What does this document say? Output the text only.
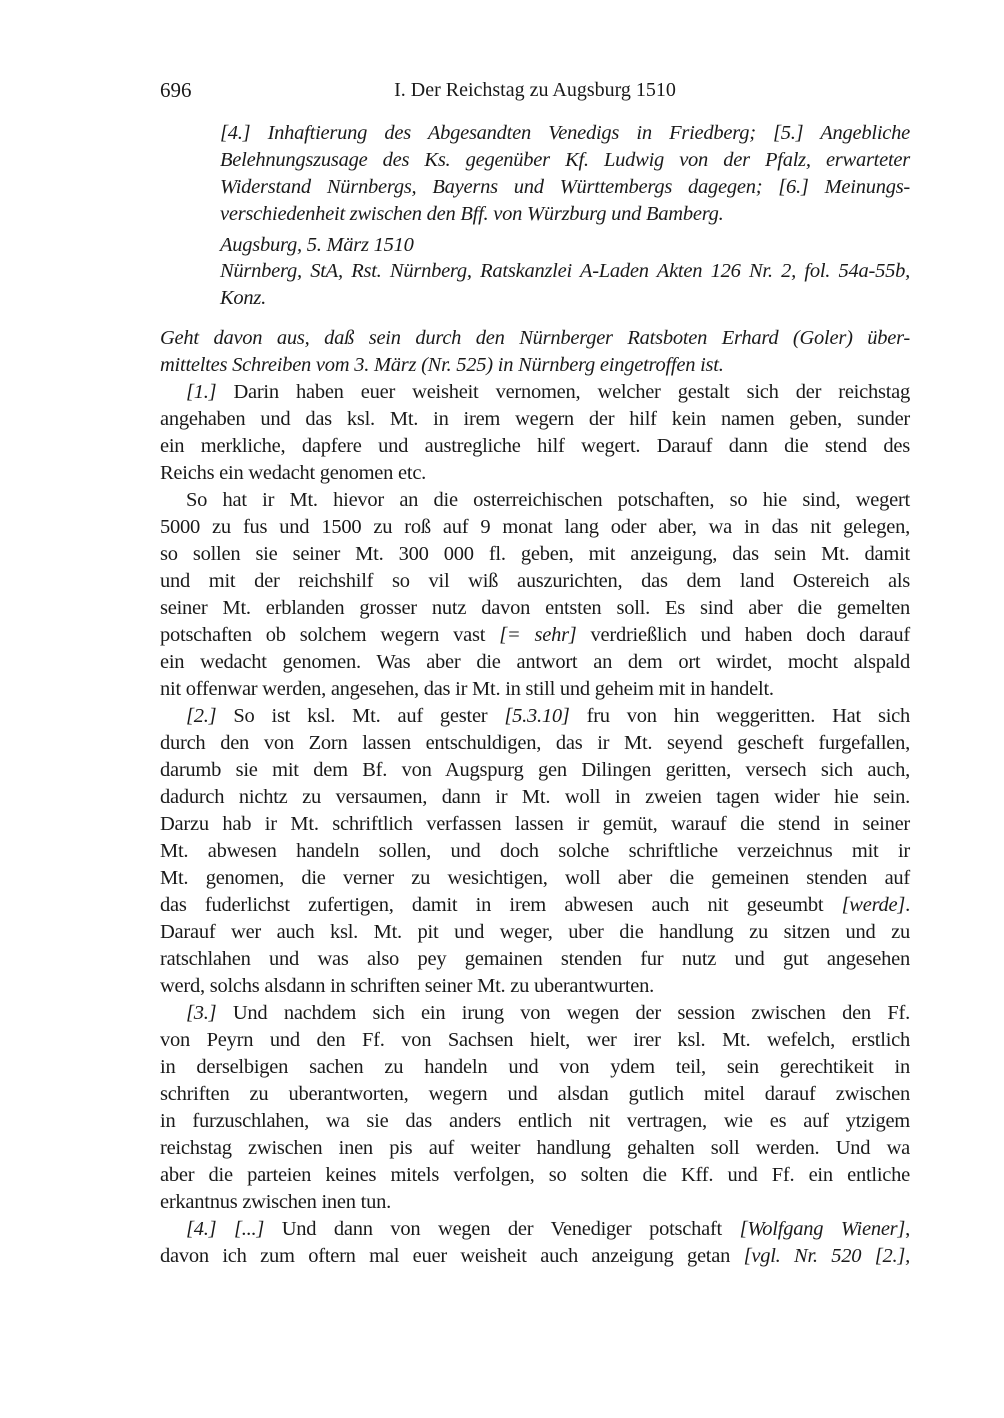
696	I. Der Reichstag zu Augsburg 1510
[4.] Inhaftierung des Abgesandten Venedigs in Friedberg; [5.] Angebliche
Belehnungszusage des Ks. gegenüber Kf. Ludwig von der Pfalz, erwarteter
Widerstand Nürnbergs, Bayerns und Württembergs dagegen; [6.] Meinungs-
verschiedenheit zwischen den Bff. von Würzburg und Bamberg.
Augsburg, 5. März 1510
Nürnberg, StA, Rst. Nürnberg, Ratskanzlei A-Laden Akten 126 Nr. 2, fol. 54a-55b,
Konz.
Geht davon aus, daß sein durch den Nürnberger Ratsboten Erhard (Goler) über-
mitteltes Schreiben vom 3. März (Nr. 525) in Nürnberg eingetroffen ist.
[1.] Darin haben euer weisheit vernomen, welcher gestalt sich der reichstag
angehaben und das ksl. Mt. in irem wegern der hilf kein namen geben, sunder
ein merkliche, dapfere und austregliche hilf wegert. Darauf dann die stend des
Reichs ein wedacht genomen etc.
So hat ir Mt. hievor an die osterreichischen potschaften, so hie sind, wegert
5000 zu fus und 1500 zu roß auf 9 monat lang oder aber, wa in das nit gelegen,
so sollen sie seiner Mt. 300 000 fl. geben, mit anzeigung, das sein Mt. damit
und mit der reichshilf so vil wiß auszurichten, das dem land Ostereich als
seiner Mt. erblanden grosser nutz davon entsten soll. Es sind aber die gemelten
potschaften ob solchem wegern vast [= sehr] verdrießlich und haben doch darauf
ein wedacht genomen. Was aber die antwort an dem ort wirdet, mocht alspald
nit offenwar werden, angesehen, das ir Mt. in still und geheim mit in handelt.
[2.] So ist ksl. Mt. auf gester [5.3.10] fru von hin weggeritten. Hat sich
durch den von Zorn lassen entschuldigen, das ir Mt. seyend gescheft furgefallen,
darumb sie mit dem Bf. von Augspurg gen Dilingen geritten, versech sich auch,
dadurch nichtz zu versaumen, dann ir Mt. woll in zweien tagen wider hie sein.
Darzu hab ir Mt. schriftlich verfassen lassen ir gemüt, warauf die stend in seiner
Mt. abwesen handeln sollen, und doch solche schriftliche verzeichnus mit ir
Mt. genomen, die verner zu wesichtigen, woll aber die gemeinen stenden auf
das fuderlichst zufertigen, damit in irem abwesen auch nit geseumbt [werde].
Darauf wer auch ksl. Mt. pit und weger, uber die handlung zu sitzen und zu
ratschlahen und was also pey gemainen stenden fur nutz und gut angesehen
werd, solchs alsdann in schriften seiner Mt. zu uberantwurten.
[3.] Und nachdem sich ein irung von wegen der session zwischen den Ff.
von Peyrn und den Ff. von Sachsen hielt, wer irer ksl. Mt. wefelch, erstlich
in derselbigen sachen zu handeln und von ydem teil, sein gerechtikeit in
schriften zu uberantworten, wegern und alsdan gutlich mitel darauf zwischen
in furzuschlahen, wa sie das anders entlich nit vertragen, wie es auf ytzigem
reichstag zwischen inen pis auf weiter handlung gehalten soll werden. Und wa
aber die parteien keines mitels verfolgen, so solten die Kff. und Ff. ein entliche
erkantnus zwischen inen tun.
[4.] [...] Und dann von wegen der Venediger potschaft [Wolfgang Wiener],
davon ich zum oftern mal euer weisheit auch anzeigung getan [vgl. Nr. 520 [2.],
